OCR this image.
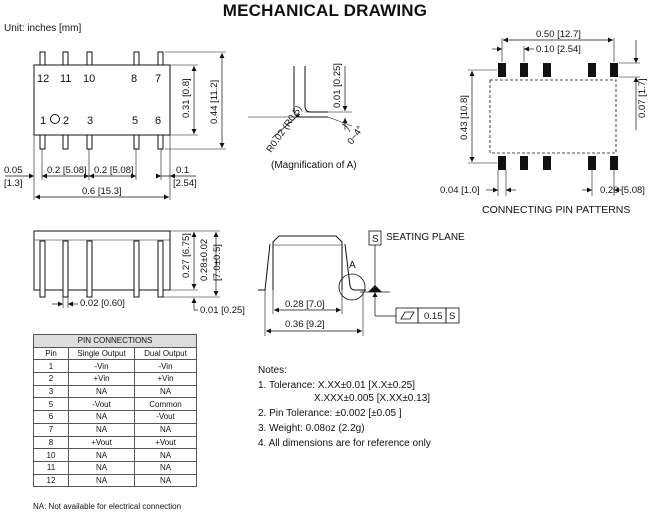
MECHANICAL DRAWING
Unit: inches [mm]
12 11 10	8 7
1 2 3	5 6
0.31 [0.8] 0.44 [11.2]
0.05
[1.3]
0.2 [5.08] 0.2 [5.08]	0.1
[2.54]
0.6 [15.3]
0.01 [0.25]
R0.02 (R0.5)	0~4°
0.50 [12.7]
0.10 [2.54]
0.43 [10.8]	0.07 [1.7]
0.04 [1.0]	0.20 [5.08]
0.27 [6.75] 0.28±0.02 [7.0±0.5]
0.01 [0.25]
0.02 [0.60]	0.28 [7.0]
0.36 [9.2]
A
S
0.15 S
(Magnification of A)
CONNECTING PIN PATTERNS
SEATING PLANE
PIN CONNECTIONS		
Pin	Single Output	Dual Output
1	-Vin	-Vin
2	+Vin	+Vin
3	NA	NA
5	-Vout	Common
6	NA	-Vout
7	NA	NA
8	+Vout	+Vout
10	NA	NA
11	NA	NA
12	NA	NA
NA: Not available for electrical connection
Notes:
1. Tolerance: X.XX±0.01 [X.X±0.25]
X.XXX±0.005 [X.XX±0.13]
2. Pin Tolerance: ±0.002 [±0.05 ]
3. Weight: 0.08oz (2.2g)
4. All dimensions are for reference only
